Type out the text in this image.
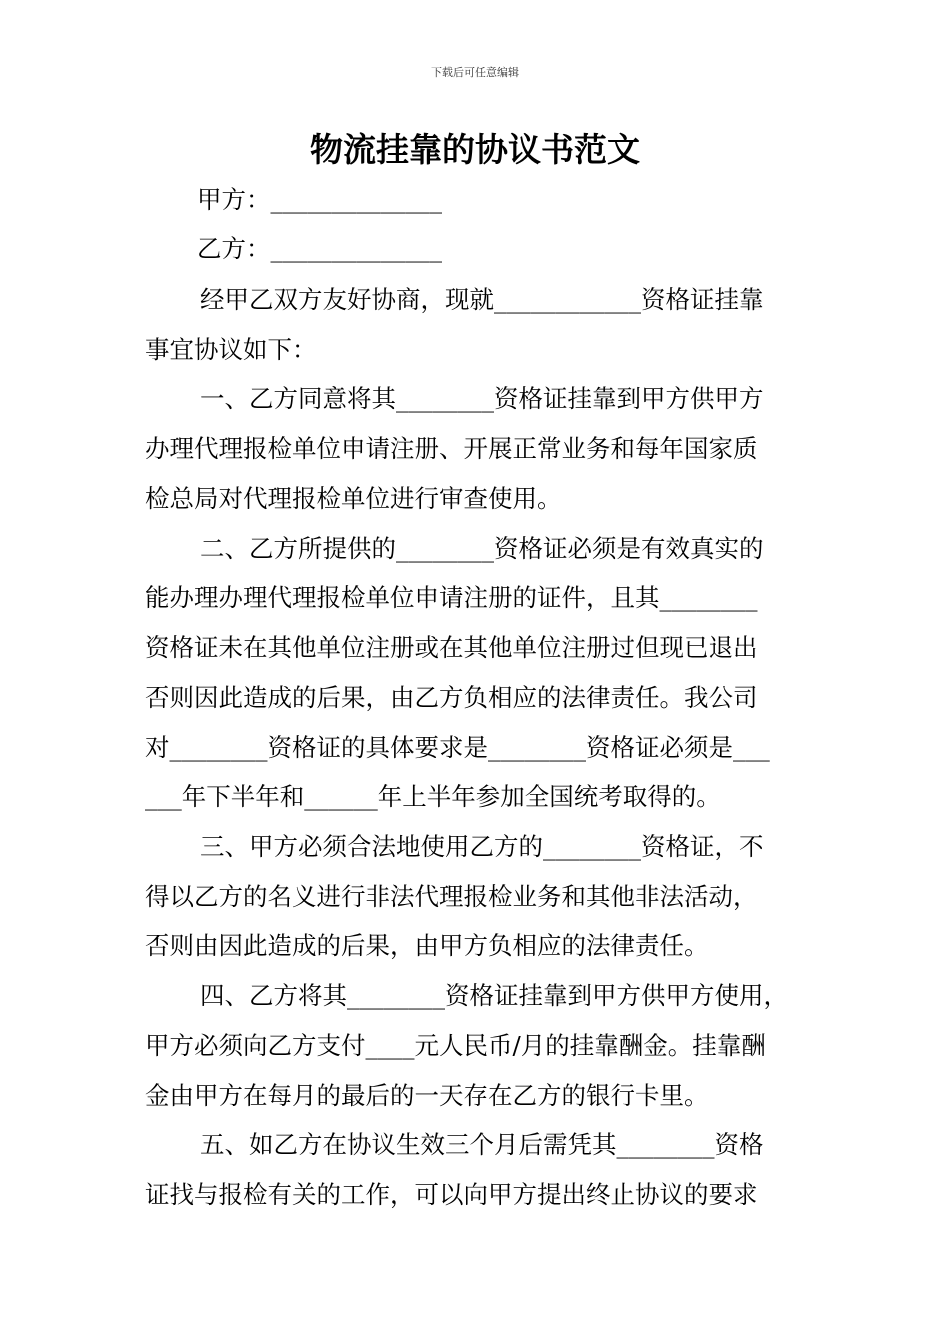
下载后可任意编辑
物流挂靠的协议书范文
甲方：______________
乙方：______________
经甲乙双方友好协商，现就____________资格证挂靠
事宜协议如下：
一、乙方同意将其________资格证挂靠到甲方供甲方
办理代理报检单位申请注册、开展正常业务和每年国家质
检总局对代理报检单位进行审查使用。
二、乙方所提供的________资格证必须是有效真实的
能办理办理代理报检单位申请注册的证件，且其________
资格证未在其他单位注册或在其他单位注册过但现已退出
否则因此造成的后果，由乙方负相应的法律责任。我公司
对________资格证的具体要求是________资格证必须是___
___年下半年和______年上半年参加全国统考取得的。
三、甲方必须合法地使用乙方的________资格证，不
得以乙方的名义进行非法代理报检业务和其他非法活动，
否则由因此造成的后果，由甲方负相应的法律责任。
四、乙方将其________资格证挂靠到甲方供甲方使用，
甲方必须向乙方支付____元人民币/月的挂靠酬金。挂靠酬
金由甲方在每月的最后的一天存在乙方的银行卡里。
五、如乙方在协议生效三个月后需凭其________资格
证找与报检有关的工作，可以向甲方提出终止协议的要求
